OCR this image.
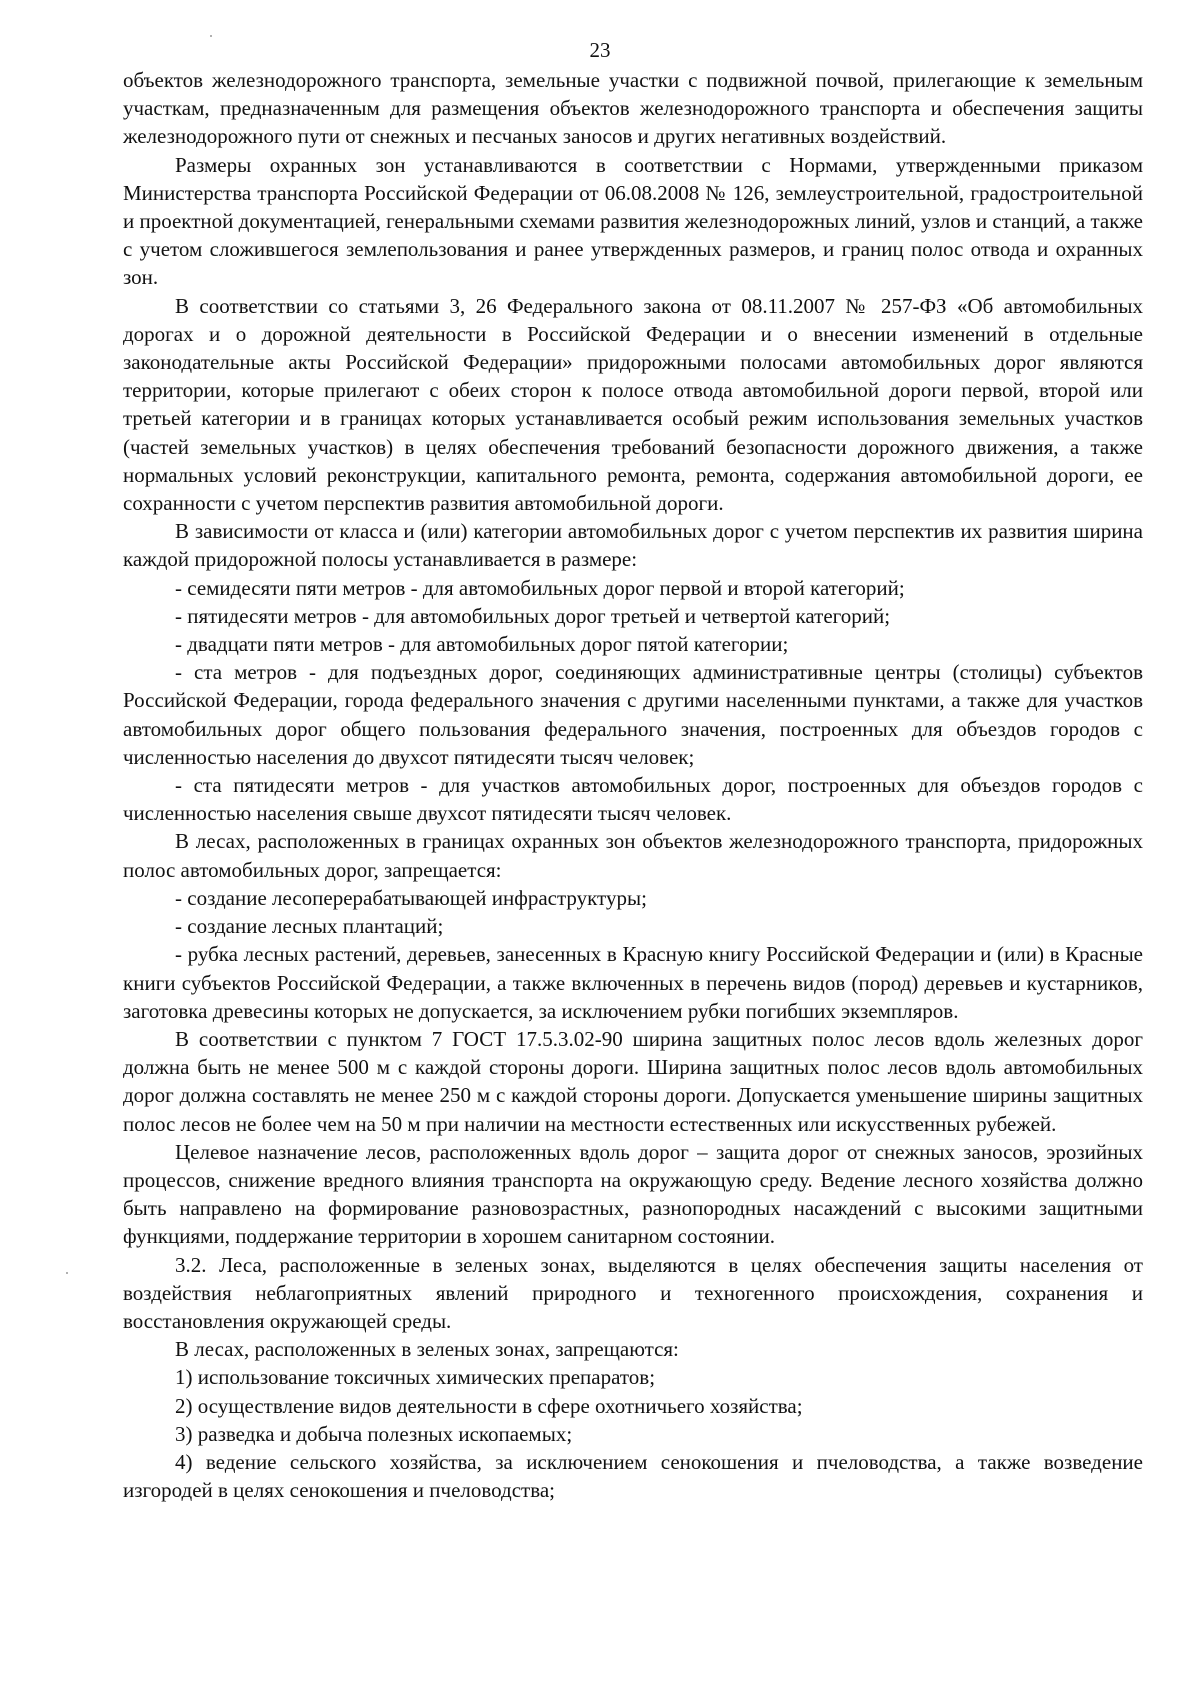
23

объектов железнодорожного транспорта, земельные участки с подвижной почвой, прилегающие к земельным участкам, предназначенным для размещения объектов железнодорожного транспорта и обеспечения защиты железнодорожного пути от снежных и песчаных заносов и других негативных воздействий.

Размеры охранных зон устанавливаются в соответствии с Нормами, утвержденными приказом Министерства транспорта Российской Федерации от 06.08.2008 № 126, землеустроительной, градостроительной и проектной документацией, генеральными схемами развития железнодорожных линий, узлов и станций, а также с учетом сложившегося землепользования и ранее утвержденных размеров, и границ полос отвода и охранных зон.

В соответствии со статьями 3, 26 Федерального закона от 08.11.2007 № 257-ФЗ «Об автомобильных дорогах и о дорожной деятельности в Российской Федерации и о внесении изменений в отдельные законодательные акты Российской Федерации» придорожными полосами автомобильных дорог являются территории, которые прилегают с обеих сторон к полосе отвода автомобильной дороги первой, второй или третьей категории и в границах которых устанавливается особый режим использования земельных участков (частей земельных участков) в целях обеспечения требований безопасности дорожного движения, а также нормальных условий реконструкции, капитального ремонта, ремонта, содержания автомобильной дороги, ее сохранности с учетом перспектив развития автомобильной дороги.

В зависимости от класса и (или) категории автомобильных дорог с учетом перспектив их развития ширина каждой придорожной полосы устанавливается в размере:

- семидесяти пяти метров - для автомобильных дорог первой и второй категорий;

- пятидесяти метров - для автомобильных дорог третьей и четвертой категорий;

- двадцати пяти метров - для автомобильных дорог пятой категории;

- ста метров - для подъездных дорог, соединяющих административные центры (столицы) субъектов Российской Федерации, города федерального значения с другими населенными пунктами, а также для участков автомобильных дорог общего пользования федерального значения, построенных для объездов городов с численностью населения до двухсот пятидесяти тысяч человек;

- ста пятидесяти метров - для участков автомобильных дорог, построенных для объездов городов с численностью населения свыше двухсот пятидесяти тысяч человек.

В лесах, расположенных в границах охранных зон объектов железнодорожного транспорта, придорожных полос автомобильных дорог, запрещается:

- создание лесоперерабатывающей инфраструктуры;

- создание лесных плантаций;

- рубка лесных растений, деревьев, занесенных в Красную книгу Российской Федерации и (или) в Красные книги субъектов Российской Федерации, а также включенных в перечень видов (пород) деревьев и кустарников, заготовка древесины которых не допускается, за исключением рубки погибших экземпляров.

В соответствии с пунктом 7 ГОСТ 17.5.3.02-90 ширина защитных полос лесов вдоль железных дорог должна быть не менее 500 м с каждой стороны дороги. Ширина защитных полос лесов вдоль автомобильных дорог должна составлять не менее 250 м с каждой стороны дороги. Допускается уменьшение ширины защитных полос лесов не более чем на 50 м при наличии на местности естественных или искусственных рубежей.

Целевое назначение лесов, расположенных вдоль дорог – защита дорог от снежных заносов, эрозийных процессов, снижение вредного влияния транспорта на окружающую среду. Ведение лесного хозяйства должно быть направлено на формирование разновозрастных, разнопородных насаждений с высокими защитными функциями, поддержание территории в хорошем санитарном состоянии.

3.2. Леса, расположенные в зеленых зонах, выделяются в целях обеспечения защиты населения от воздействия неблагоприятных явлений природного и техногенного происхождения, сохранения и восстановления окружающей среды.

В лесах, расположенных в зеленых зонах, запрещаются:

1) использование токсичных химических препаратов;

2) осуществление видов деятельности в сфере охотничьего хозяйства;

3) разведка и добыча полезных ископаемых;

4) ведение сельского хозяйства, за исключением сенокошения и пчеловодства, а также возведение изгородей в целях сенокошения и пчеловодства;
